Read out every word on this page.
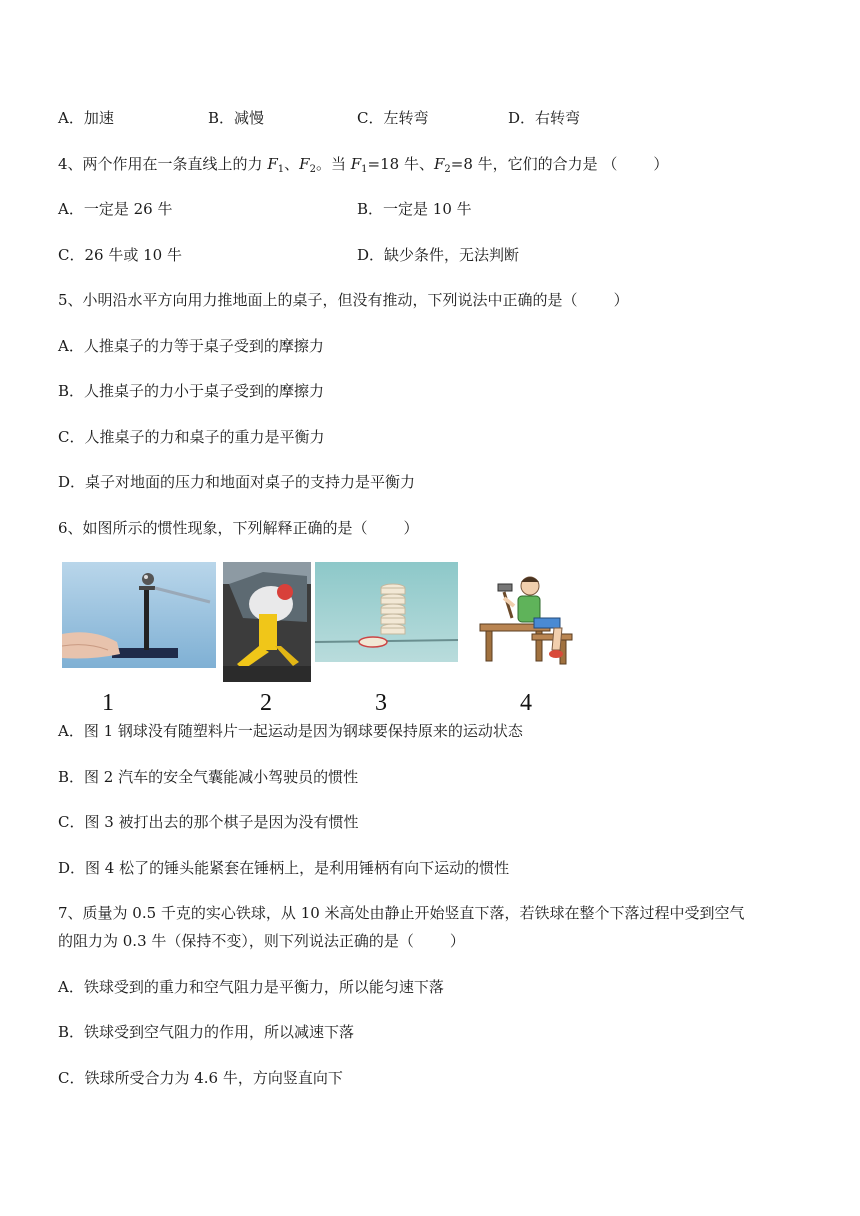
A．加速	B．减慢	C．左转弯	D．右转弯
4、两个作用在一条直线上的力 $F_1$、$F_2$。当 $F_1=18$ 牛、$F_2=8$ 牛，它们的合力是 （ ）
A．一定是 26 牛	B．一定是 10 牛
C．26 牛或 10 牛	D．缺少条件，无法判断
5、小明沿水平方向用力推地面上的桌子，但没有推动，下列说法中正确的是（ ）
A．人推桌子的力等于桌子受到的摩擦力
B．人推桌子的力小于桌子受到的摩擦力
C．人推桌子的力和桌子的重力是平衡力
D．桌子对地面的压力和地面对桌子的支持力是平衡力
6、如图所示的惯性现象，下列解释正确的是（ ）
1	2	3	4
A．图 1 钢球没有随塑料片一起运动是因为钢球要保持原来的运动状态
B．图 2 汽车的安全气囊能减小驾驶员的惯性
C．图 3 被打出去的那个棋子是因为没有惯性
D．图 4 松了的锤头能紧套在锤柄上，是利用锤柄有向下运动的惯性
7、质量为 0.5 千克的实心铁球，从 10 米高处由静止开始竖直下落，若铁球在整个下落过程中受到空气
的阻力为 0.3 牛（保持不变），则下列说法正确的是（ ）
A．铁球受到的重力和空气阻力是平衡力，所以能匀速下落
B．铁球受到空气阻力的作用，所以减速下落
C．铁球所受合力为 4.6 牛，方向竖直向下
